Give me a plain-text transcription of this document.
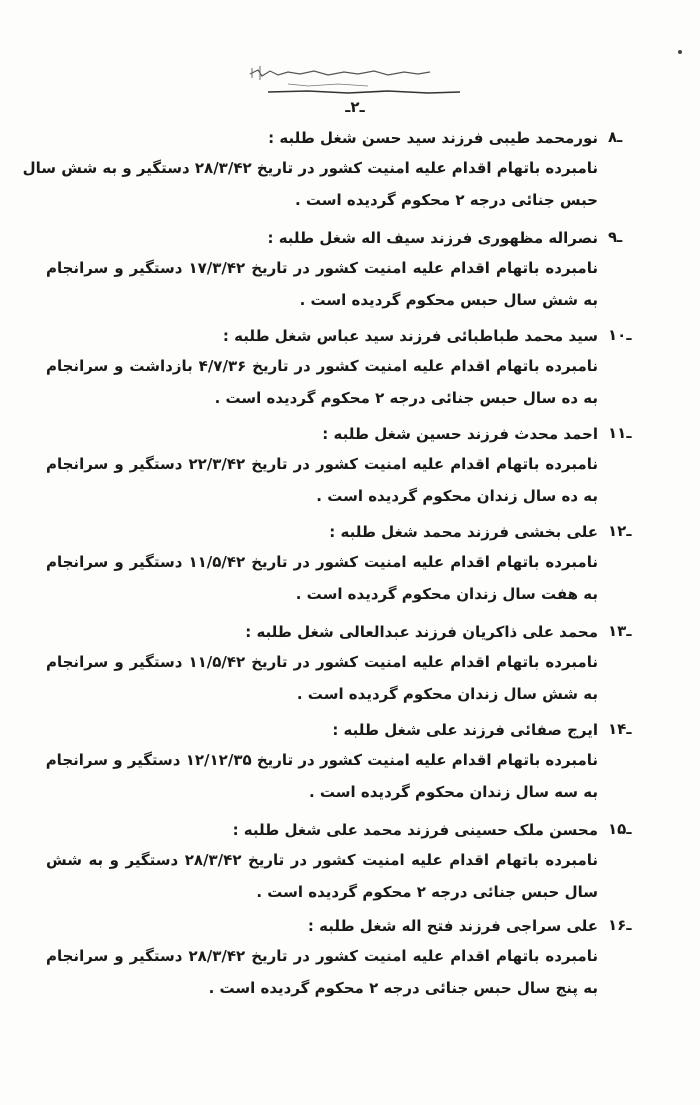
ـ۲ـ
۸ـ
نورمحمد طیبی فرزند سید حسن شغل طلبه :
نامبرده باتهام اقدام علیه امنیت کشور در تاریخ ۲۸/۳/۴۲ دستگیر و به شش سال
حبس جنائی درجه ۲ محکوم گردیده است .
۹ـ
نصراله مظهوری فرزند سیف اله شغل طلبه :
نامبرده باتهام اقدام علیه امنیت کشور در تاریخ ۱۷/۳/۴۲ دستگیر و سرانجام
به شش سال حبس محکوم گردیده است .
۱۰ـ
سید محمد طباطبائی فرزند سید عباس شغل طلبه :
نامبرده باتهام اقدام علیه امنیت کشور در تاریخ ۴/۷/۳۶ بازداشت و سرانجام
به ده سال حبس جنائی درجه ۲ محکوم گردیده است .
۱۱ـ
احمد محدث فرزند حسین شغل طلبه :
نامبرده باتهام اقدام علیه امنیت کشور در تاریخ ۲۲/۳/۴۲ دستگیر و سرانجام
به ده سال زندان محکوم گردیده است .
۱۲ـ
علی بخشی فرزند محمد شغل طلبه :
نامبرده باتهام اقدام علیه امنیت کشور در تاریخ ۱۱/۵/۴۲ دستگیر و سرانجام
به هفت سال زندان محکوم گردیده است .
۱۳ـ
محمد علی ذاکریان فرزند عبدالعالی شغل طلبه :
نامبرده باتهام اقدام علیه امنیت کشور در تاریخ ۱۱/۵/۴۲ دستگیر و سرانجام
به شش سال زندان محکوم گردیده است .
۱۴ـ
ایرج صفائی فرزند علی شغل طلبه :
نامبرده باتهام اقدام علیه امنیت کشور در تاریخ ۱۲/۱۲/۳۵ دستگیر و سرانجام
به سه سال زندان محکوم گردیده است .
۱۵ـ
محسن ملک حسینی فرزند محمد علی شغل طلبه :
نامبرده باتهام اقدام علیه امنیت کشور در تاریخ ۲۸/۳/۴۲ دستگیر و به شش
سال حبس جنائی درجه ۲ محکوم گردیده است .
۱۶ـ
علی سراجی فرزند فتح اله شغل طلبه :
نامبرده باتهام اقدام علیه امنیت کشور در تاریخ ۲۸/۳/۴۲ دستگیر و سرانجام
به پنج سال حبس جنائی درجه ۲ محکوم گردیده است .
